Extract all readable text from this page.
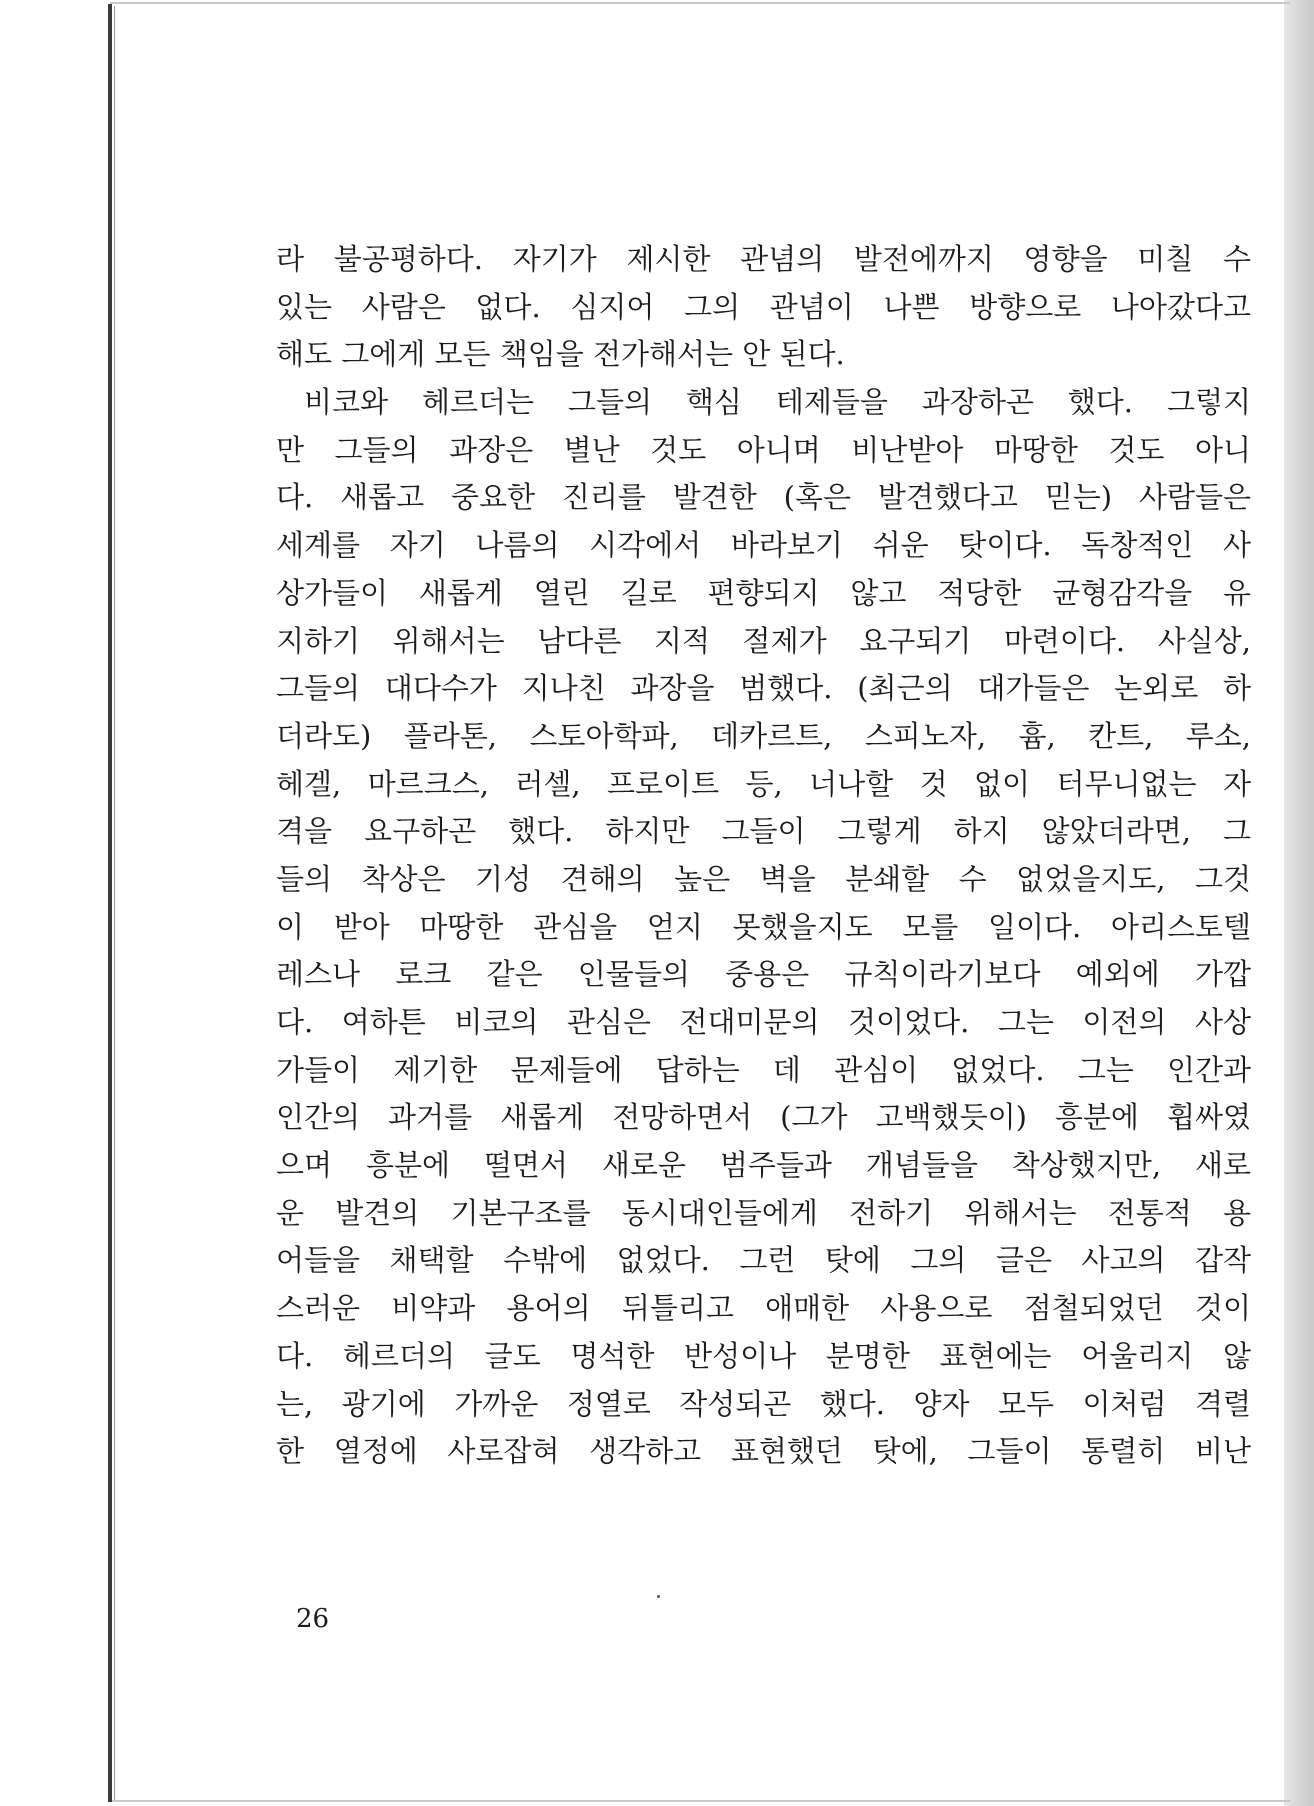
라 불공평하다. 자기가 제시한 관념의 발전에까지 영향을 미칠 수
있는 사람은 없다. 심지어 그의 관념이 나쁜 방향으로 나아갔다고
해도 그에게 모든 책임을 전가해서는 안 된다.
비코와 헤르더는 그들의 핵심 테제들을 과장하곤 했다. 그렇지
만 그들의 과장은 별난 것도 아니며 비난받아 마땅한 것도 아니
다. 새롭고 중요한 진리를 발견한 (혹은 발견했다고 믿는) 사람들은
세계를 자기 나름의 시각에서 바라보기 쉬운 탓이다. 독창적인 사
상가들이 새롭게 열린 길로 편향되지 않고 적당한 균형감각을 유
지하기 위해서는 남다른 지적 절제가 요구되기 마련이다. 사실상,
그들의 대다수가 지나친 과장을 범했다. (최근의 대가들은 논외로 하
더라도) 플라톤, 스토아학파, 데카르트, 스피노자, 흄, 칸트, 루소,
헤겔, 마르크스, 러셀, 프로이트 등, 너나할 것 없이 터무니없는 자
격을 요구하곤 했다. 하지만 그들이 그렇게 하지 않았더라면, 그
들의 착상은 기성 견해의 높은 벽을 분쇄할 수 없었을지도, 그것
이 받아 마땅한 관심을 얻지 못했을지도 모를 일이다. 아리스토텔
레스나 로크 같은 인물들의 중용은 규칙이라기보다 예외에 가깝
다. 여하튼 비코의 관심은 전대미문의 것이었다. 그는 이전의 사상
가들이 제기한 문제들에 답하는 데 관심이 없었다. 그는 인간과
인간의 과거를 새롭게 전망하면서 (그가 고백했듯이) 흥분에 휩싸였
으며 흥분에 떨면서 새로운 범주들과 개념들을 착상했지만, 새로
운 발견의 기본구조를 동시대인들에게 전하기 위해서는 전통적 용
어들을 채택할 수밖에 없었다. 그런 탓에 그의 글은 사고의 갑작
스러운 비약과 용어의 뒤틀리고 애매한 사용으로 점철되었던 것이
다. 헤르더의 글도 명석한 반성이나 분명한 표현에는 어울리지 않
는, 광기에 가까운 정열로 작성되곤 했다. 양자 모두 이처럼 격렬
한 열정에 사로잡혀 생각하고 표현했던 탓에, 그들이 통렬히 비난
26
